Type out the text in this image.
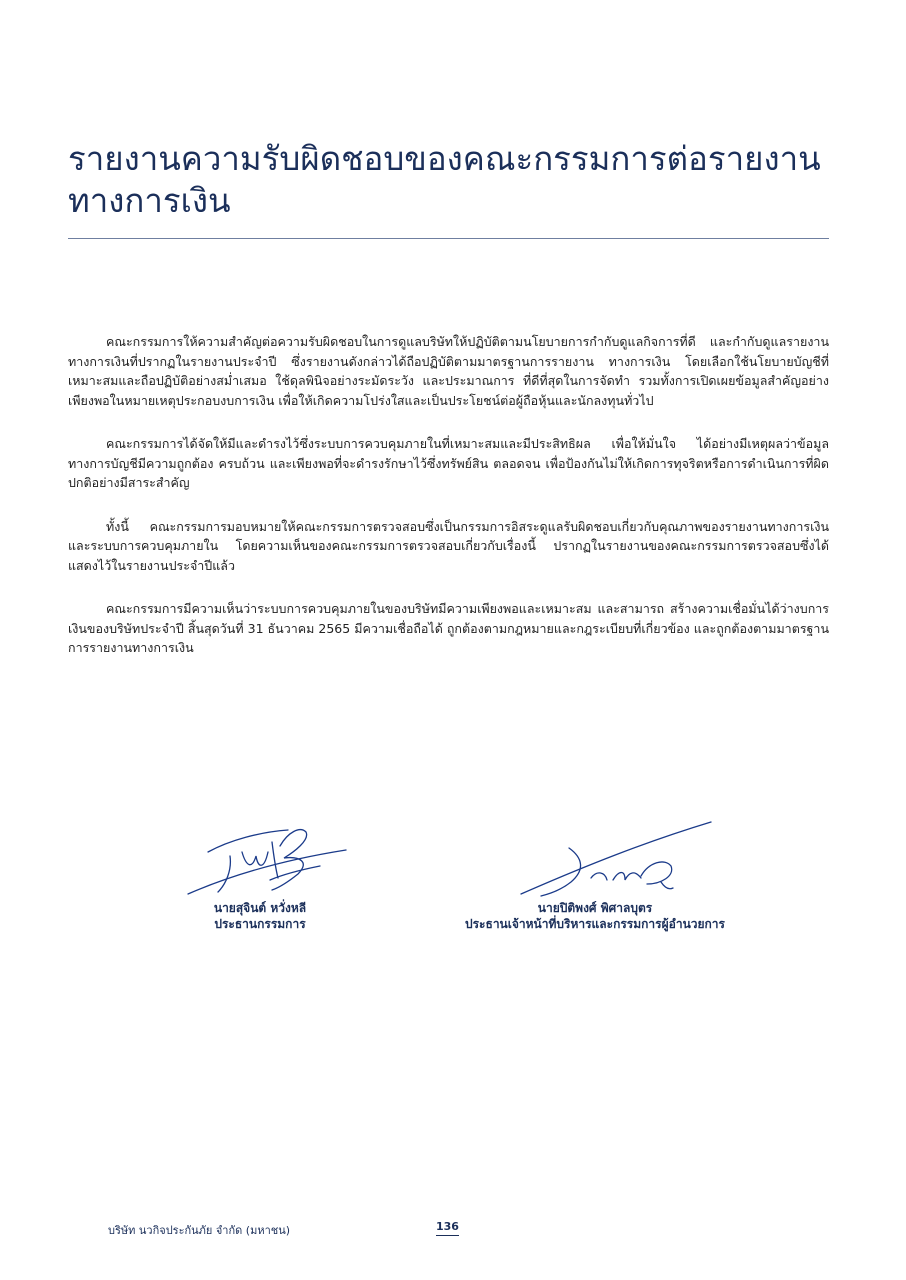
รายงานความรับผิดชอบของคณะกรรมการต่อรายงานทางการเงิน

คณะกรรมการให้ความสำคัญต่อความรับผิดชอบในการดูแลบริษัทให้ปฏิบัติตามนโยบายการกำกับดูแลกิจการที่ดี และกำกับดูแลรายงานทางการเงินที่ปรากฏในรายงานประจำปี ซึ่งรายงานดังกล่าวได้ถือปฏิบัติตามมาตรฐานการรายงาน ทางการเงิน โดยเลือกใช้นโยบายบัญชีที่เหมาะสมและถือปฏิบัติอย่างสม่ำเสมอ ใช้ดุลพินิจอย่างระมัดระวัง และประมาณการ ที่ดีที่สุดในการจัดทำ รวมทั้งการเปิดเผยข้อมูลสำคัญอย่างเพียงพอในหมายเหตุประกอบงบการเงิน เพื่อให้เกิดความโปร่งใสและเป็นประโยชน์ต่อผู้ถือหุ้นและนักลงทุนทั่วไป

คณะกรรมการได้จัดให้มีและดำรงไว้ซึ่งระบบการควบคุมภายในที่เหมาะสมและมีประสิทธิผล เพื่อให้มั่นใจ ได้อย่างมีเหตุผลว่าข้อมูลทางการบัญชีมีความถูกต้อง ครบถ้วน และเพียงพอที่จะดำรงรักษาไว้ซึ่งทรัพย์สิน ตลอดจน เพื่อป้องกันไม่ให้เกิดการทุจริตหรือการดำเนินการที่ผิดปกติอย่างมีสาระสำคัญ

ทั้งนี้ คณะกรรมการมอบหมายให้คณะกรรมการตรวจสอบซึ่งเป็นกรรมการอิสระดูแลรับผิดชอบเกี่ยวกับคุณภาพของรายงานทางการเงินและระบบการควบคุมภายใน โดยความเห็นของคณะกรรมการตรวจสอบเกี่ยวกับเรื่องนี้ ปรากฏในรายงานของคณะกรรมการตรวจสอบซึ่งได้แสดงไว้ในรายงานประจำปีแล้ว

คณะกรรมการมีความเห็นว่าระบบการควบคุมภายในของบริษัทมีความเพียงพอและเหมาะสม และสามารถ สร้างความเชื่อมั่นได้ว่างบการเงินของบริษัทประจำปี สิ้นสุดวันที่ 31 ธันวาคม 2565 มีความเชื่อถือได้ ถูกต้องตามกฎหมายและกฎระเบียบที่เกี่ยวข้อง และถูกต้องตามมาตรฐานการรายงานทางการเงิน

นายสุจินต์ หวั่งหลี
ประธานกรรมการ
นายปิติพงศ์ พิศาลบุตร
ประธานเจ้าหน้าที่บริหารและกรรมการผู้อำนวยการ
บริษัท นวกิจประกันภัย จำกัด (มหาชน)	136
